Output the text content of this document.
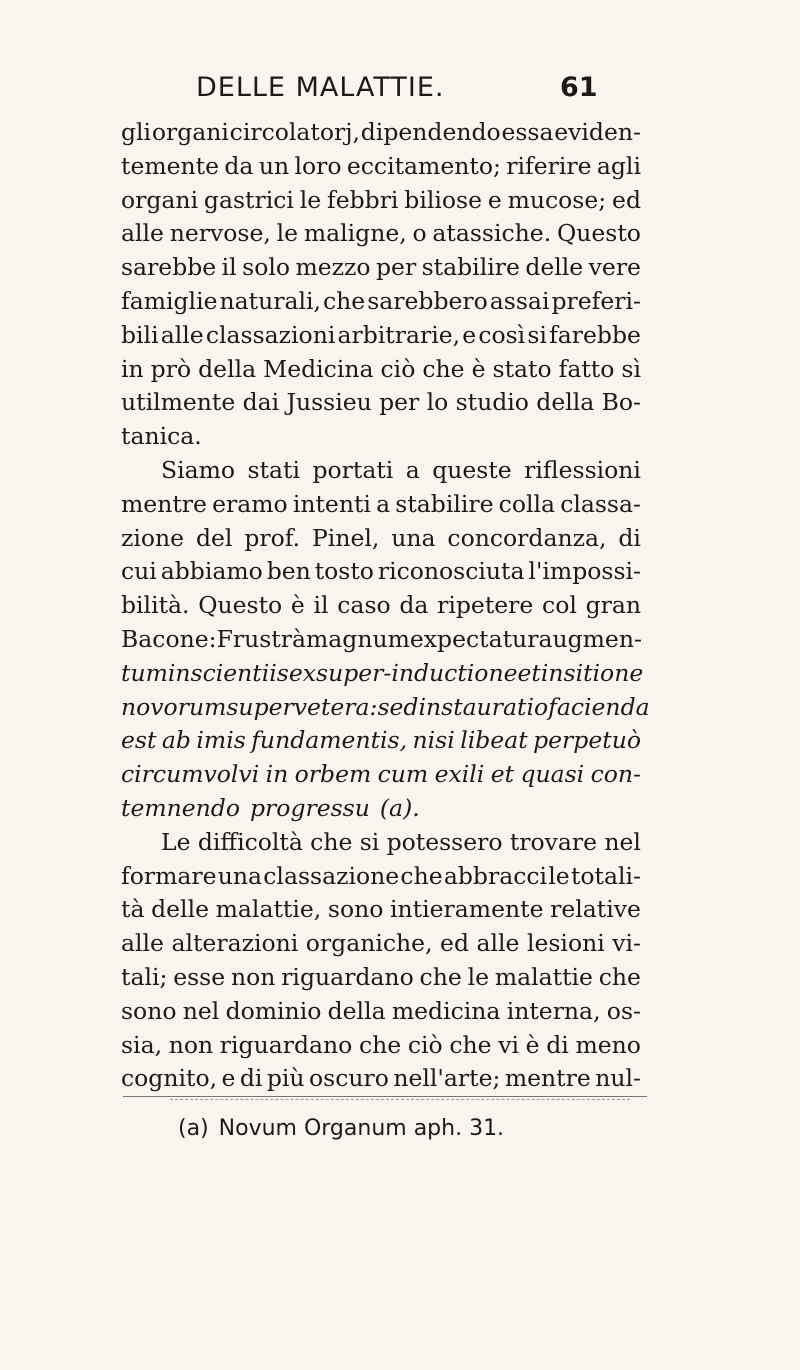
DELLE MALATTIE.	61
gli organi circolatorj, dipendendo essa eviden-
temente da un loro eccitamento; riferire agli
organi gastrici le febbri biliose e mucose; ed
alle nervose, le maligne, o atassiche. Questo
sarebbe il solo mezzo per stabilire delle vere
famiglie naturali, che sarebbero assai preferi-
bili alle classazioni arbitrarie, e così si farebbe
in prò della Medicina ciò che è stato fatto sì
utilmente dai Jussieu per lo studio della Bo-
tanica.
Siamo stati portati a queste riflessioni
mentre eramo intenti a stabilire colla classa-
zione del prof. Pinel, una concordanza, di
cui abbiamo ben tosto riconosciuta l'impossi-
bilità. Questo è il caso da ripetere col gran
Bacone: Frustrà magnum expectatur augmen-
tum in scientiis ex super-inductione et insitione
novorum super vetera: sed instauratio facienda
est ab imis fundamentis, nisi libeat perpetuò
circumvolvi in orbem cum exili et quasi con-
temnendo progressu (a).
Le difficoltà che si potessero trovare nel
formare una classazione che abbracci le totali-
tà delle malattie, sono intieramente relative
alle alterazioni organiche, ed alle lesioni vi-
tali; esse non riguardano che le malattie che
sono nel dominio della medicina interna, os-
sia, non riguardano che ciò che vi è di meno
cognito, e di più oscuro nell'arte; mentre nul-
(a) Novum Organum aph. 31.
